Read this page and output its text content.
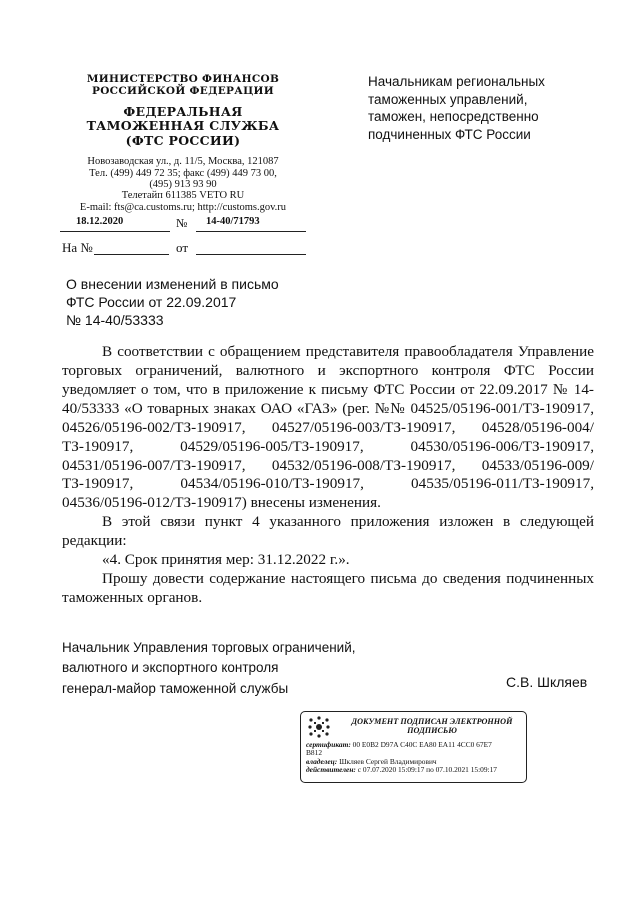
МИНИСТЕРСТВО ФИНАНСОВ
РОССИЙСКОЙ ФЕДЕРАЦИИ
ФЕДЕРАЛЬНАЯ
ТАМОЖЕННАЯ СЛУЖБА
(ФТС РОССИИ)
Новозаводская ул., д. 11/5, Москва, 121087
Тел. (499) 449 72 35; факс (499) 449 73 00,
(495) 913 93 90
Телетайп 611385 VETO RU
E-mail: fts@ca.customs.ru; http://customs.gov.ru
18.12.2020	№ 14-40/71793
На №	от
Начальникам региональных
таможенных управлений,
таможен, непосредственно
подчиненных ФТС России
О внесении изменений в письмо
ФТС России от 22.09.2017
№ 14-40/53333

В соответствии с обращением представителя правообладателя Управление торговых ограничений, валютного и экспортного контроля ФТС России уведомляет о том, что в приложение к письму ФТС России от 22.09.2017 № 14-40/53333 «О товарных знаках ОАО «ГАЗ» (рег. №№ 04525/05196-001/ТЗ-190917, 04526/05196-002/ТЗ-190917, 04527/05196-003/ТЗ-190917, 04528/05196-004/ТЗ-190917, 04529/05196-005/ТЗ-190917, 04530/05196-006/ТЗ-190917, 04531/05196-007/ТЗ-190917, 04532/05196-008/ТЗ-190917, 04533/05196-009/ТЗ-190917, 04534/05196-010/ТЗ-190917, 04535/05196-011/ТЗ-190917, 04536/05196-012/ТЗ-190917) внесены изменения.

В этой связи пункт 4 указанного приложения изложен в следующей редакции:

«4. Срок принятия мер: 31.12.2022 г.».

Прошу довести содержание настоящего письма до сведения подчиненных таможенных органов.

Начальник Управления торговых ограничений,
валютного и экспортного контроля
генерал-майор таможенной службы	С.В. Шкляев
ДОКУМЕНТ ПОДПИСАН ЭЛЕКТРОННОЙ
ПОДПИСЬЮ
сертификат: 00 E0B2 D97A C40C EA80 EA11 4CC0 67E7
B812
владелец: Шкляев Сергей Владимирович
действителен: с 07.07.2020 15:09:17 по 07.10.2021 15:09:17
